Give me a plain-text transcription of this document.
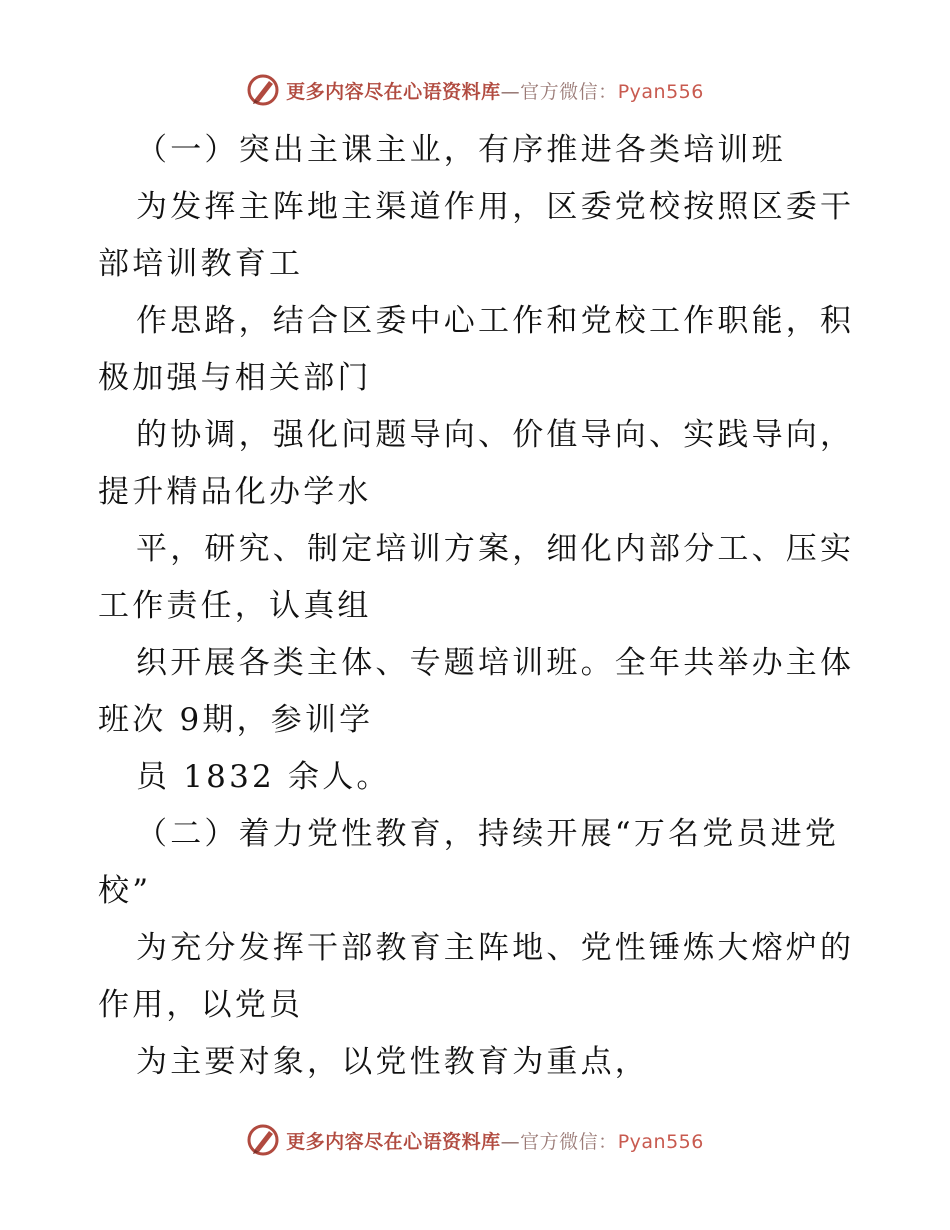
更多内容尽在心语资料库—官方微信：Pyan556

（一）突出主课主业，有序推进各类培训班

为发挥主阵地主渠道作用，区委党校按照区委干部培训教育工

作思路，结合区委中心工作和党校工作职能，积极加强与相关部门

的协调，强化问题导向、价值导向、实践导向，提升精品化办学水

平，研究、制定培训方案，细化内部分工、压实工作责任，认真组

织开展各类主体、专题培训班。全年共举办主体班次 9期，参训学

员 1832 余人。

（二）着力党性教育，持续开展“万名党员进党校”

为充分发挥干部教育主阵地、党性锤炼大熔炉的作用，以党员

为主要对象，以党性教育为重点，

更多内容尽在心语资料库—官方微信：Pyan556
